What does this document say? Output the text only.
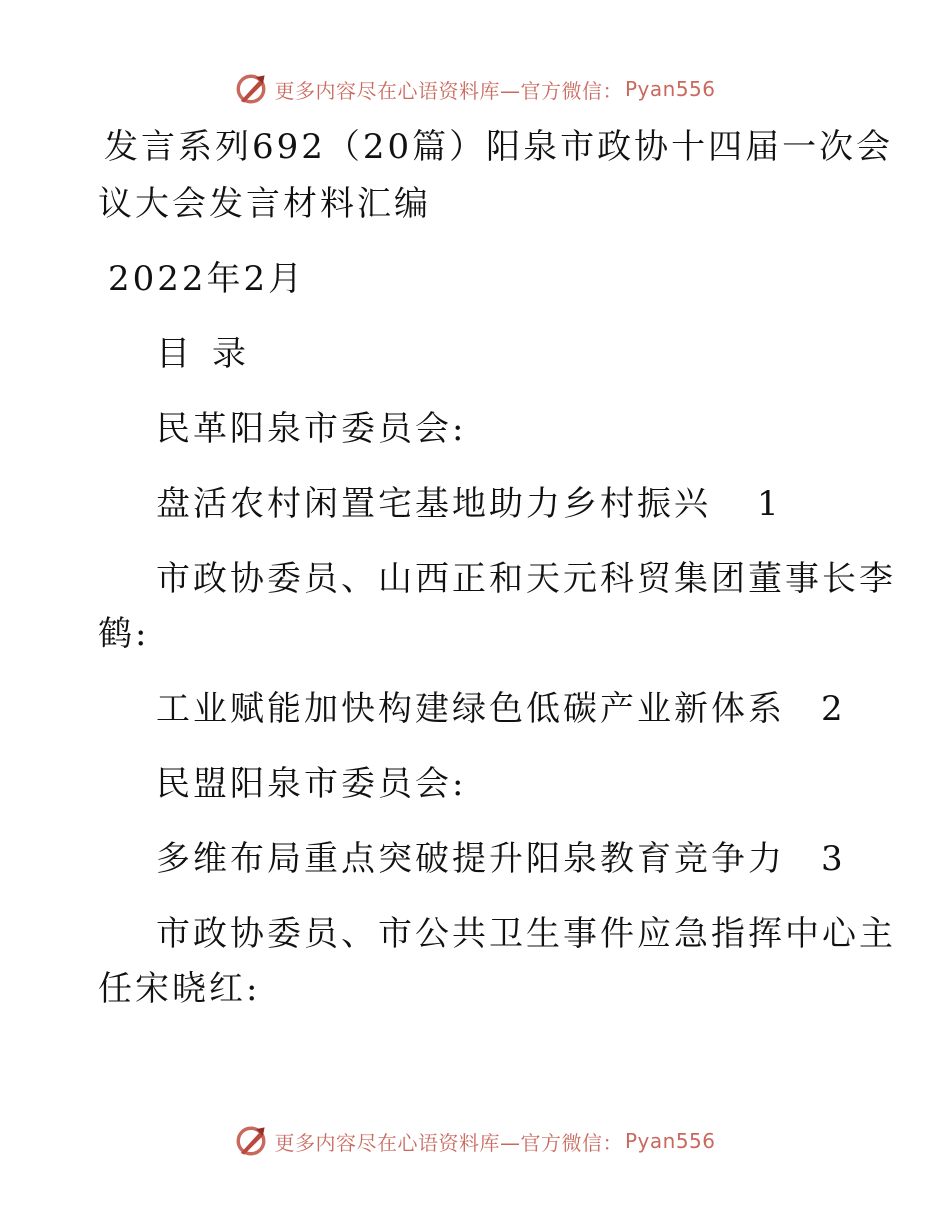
更多内容尽在心语资料库—官方微信： Pyan556
发言系列692（20篇）阳泉市政协十四届一次会
议大会发言材料汇编
2022年2月
目录
民革阳泉市委员会:
盘活农村闲置宅基地助力乡村振兴 1
市政协委员、山西正和天元科贸集团董事长李
鹤:
工业赋能加快构建绿色低碳产业新体系 2
民盟阳泉市委员会:
多维布局重点突破提升阳泉教育竞争力 3
市政协委员、市公共卫生事件应急指挥中心主
任宋晓红:
更多内容尽在心语资料库—官方微信： Pyan556
